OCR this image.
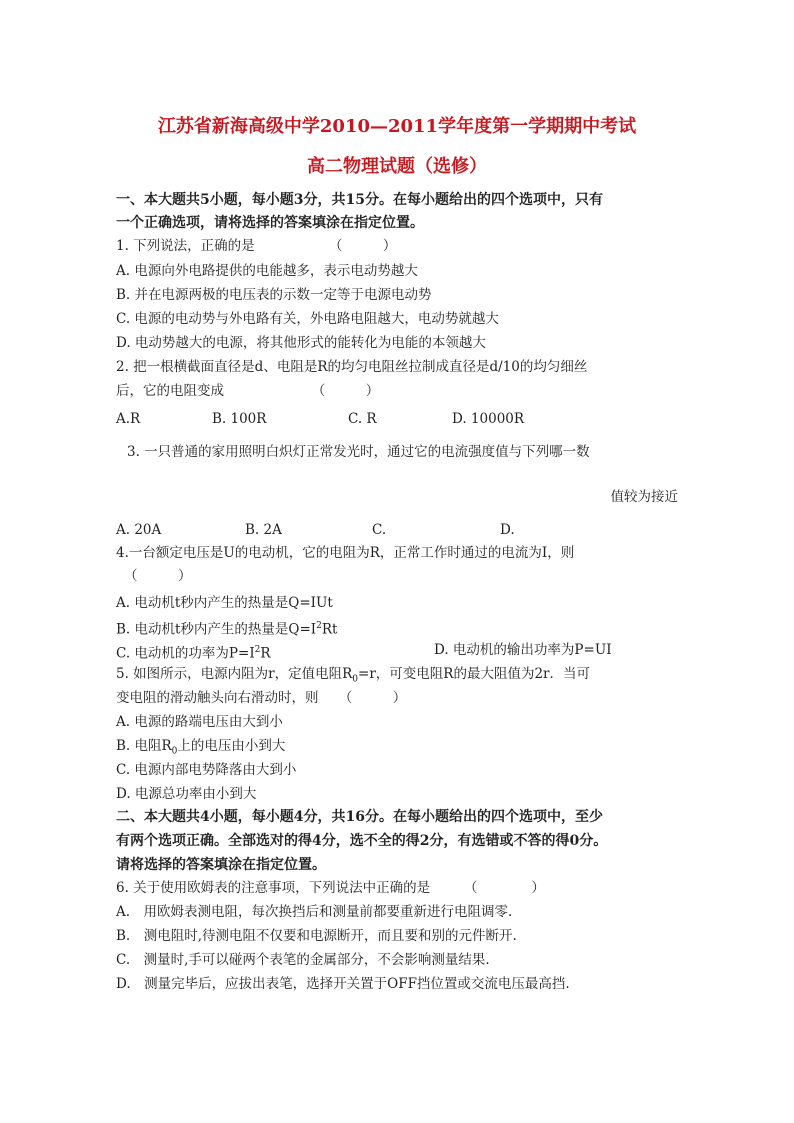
江苏省新海高级中学2010—2011学年度第一学期期中考试
高二物理试题（选修）
一、本大题共5小题，每小题3分，共15分。在每小题给出的四个选项中，只有
一个正确选项，请将选择的答案填涂在指定位置。
1. 下列说法，正确的是　　　　　　（　　　）
A. 电源向外电路提供的电能越多，表示电动势越大
B. 并在电源两极的电压表的示数一定等于电源电动势
C. 电源的电动势与外电路有关，外电路电阻越大，电动势就越大
D. 电动势越大的电源，将其他形式的能转化为电能的本领越大
2. 把一根横截面直径是d、电阻是R的均匀电阻丝拉制成直径是d/10的均匀细丝
后，它的电阻变成　　　　　　　（　　　）
A.R	B. 100R	C. R	D. 10000R
3. 一只普通的家用照明白炽灯正常发光时，通过它的电流强度值与下列哪一数
值较为接近
A. 20A	B. 2A	C.	D.
4.一台额定电压是U的电动机，它的电阻为R，正常工作时通过的电流为I，则
（　　　）
A. 电动机t秒内产生的热量是Q=IUt
B. 电动机t秒内产生的热量是$Q=I^2Rt$
C. 电动机的功率为$P=I^2R$	D. 电动机的输出功率为P=UI
5. 如图所示，电源内阻为r，定值电阻$R_0=r$，可变电阻R的最大阻值为2r．当可
变电阻的滑动触头向右滑动时，则　　（　　　）
A. 电源的路端电压由大到小
B. 电阻$R_0$上的电压由小到大
C. 电源内部电势降落由大到小
D. 电源总功率由小到大
二、本大题共4小题，每小题4分，共16分。在每小题给出的四个选项中，至少
有两个选项正确。全部选对的得4分，选不全的得2分，有选错或不答的得0分。
请将选择的答案填涂在指定位置。
6. 关于使用欧姆表的注意事项，下列说法中正确的是　　　（　　　　）
A.　用欧姆表测电阻，每次换挡后和测量前都要重新进行电阻调零.
B.　测电阻时,待测电阻不仅要和电源断开，而且要和别的元件断开.
C.　测量时,手可以碰两个表笔的金属部分，不会影响测量结果.
D.　测量完毕后，应拔出表笔，选择开关置于OFF挡位置或交流电压最高挡.
